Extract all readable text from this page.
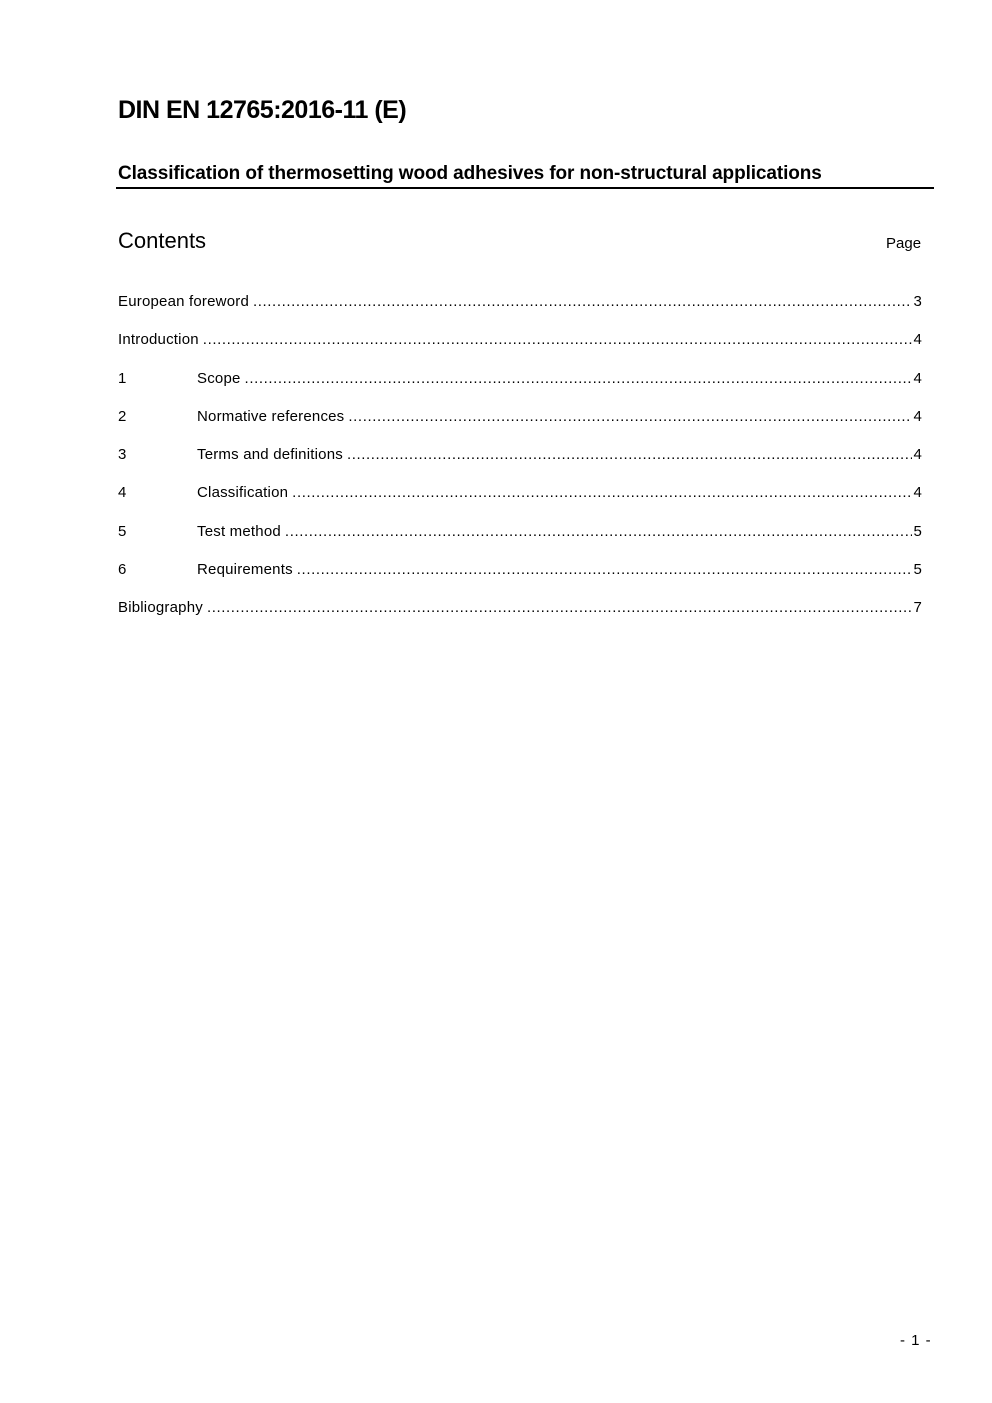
DIN EN 12765:2016-11 (E)
Classification of thermosetting wood adhesives for non-structural applications
Contents	Page
European foreword .....	3
Introduction .....	4
1	Scope .....	4
2	Normative references .....	4
3	Terms and definitions .....	4
4	Classification .....	4
5	Test method .....	5
6	Requirements .....	5
Bibliography .....	7
- 1 -
